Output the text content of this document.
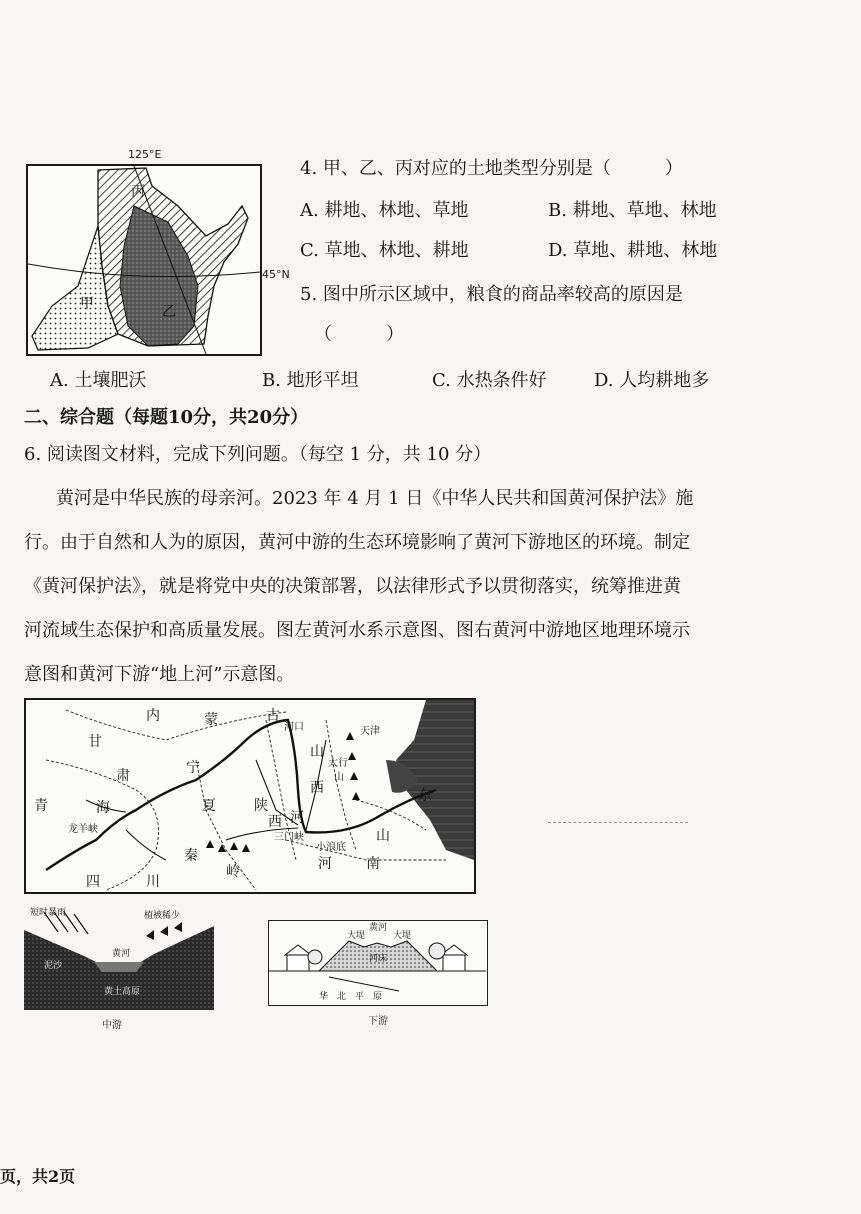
丙
乙
甲
125°E
45°N
4. 甲、乙、丙对应的土地类型分别是（　　　）
A. 耕地、林地、草地	B. 耕地、草地、林地
C. 草地、林地、耕地	D. 草地、耕地、林地
5. 图中所示区域中，粮食的商品率较高的原因是
（　　　）
A. 土壤肥沃	B. 地形平坦	C. 水热条件好	D. 人均耕地多
二、综合题（每题10分，共20分）
6. 阅读图文材料，完成下列问题。（每空 1 分，共 10 分）
黄河是中华民族的母亲河。2023 年 4 月 1 日《中华人民共和国黄河保护法》施
行。由于自然和人为的原因，黄河中游的生态环境影响了黄河下游地区的环境。制定
《黄河保护法》，就是将党中央的决策部署，以法律形式予以贯彻落实，统筹推进黄
河流域生态保护和高质量发展。图左黄河水系示意图、图右黄河中游地区地理环境示
意图和黄河下游“地上河”示意图。
内	蒙	古
河口
甘
肃
青	海
宁
夏	陕
西
山
西
天津
太行
山
河
东
山
秦
岭	河 南
四	川
小浪底
三门峡
龙羊峡
短时暴雨	植被稀少
黄河
黄土高原
泥沙
中游
大堤	大堤
黄河
河床
华　北　平　原
下游
页，共2页
